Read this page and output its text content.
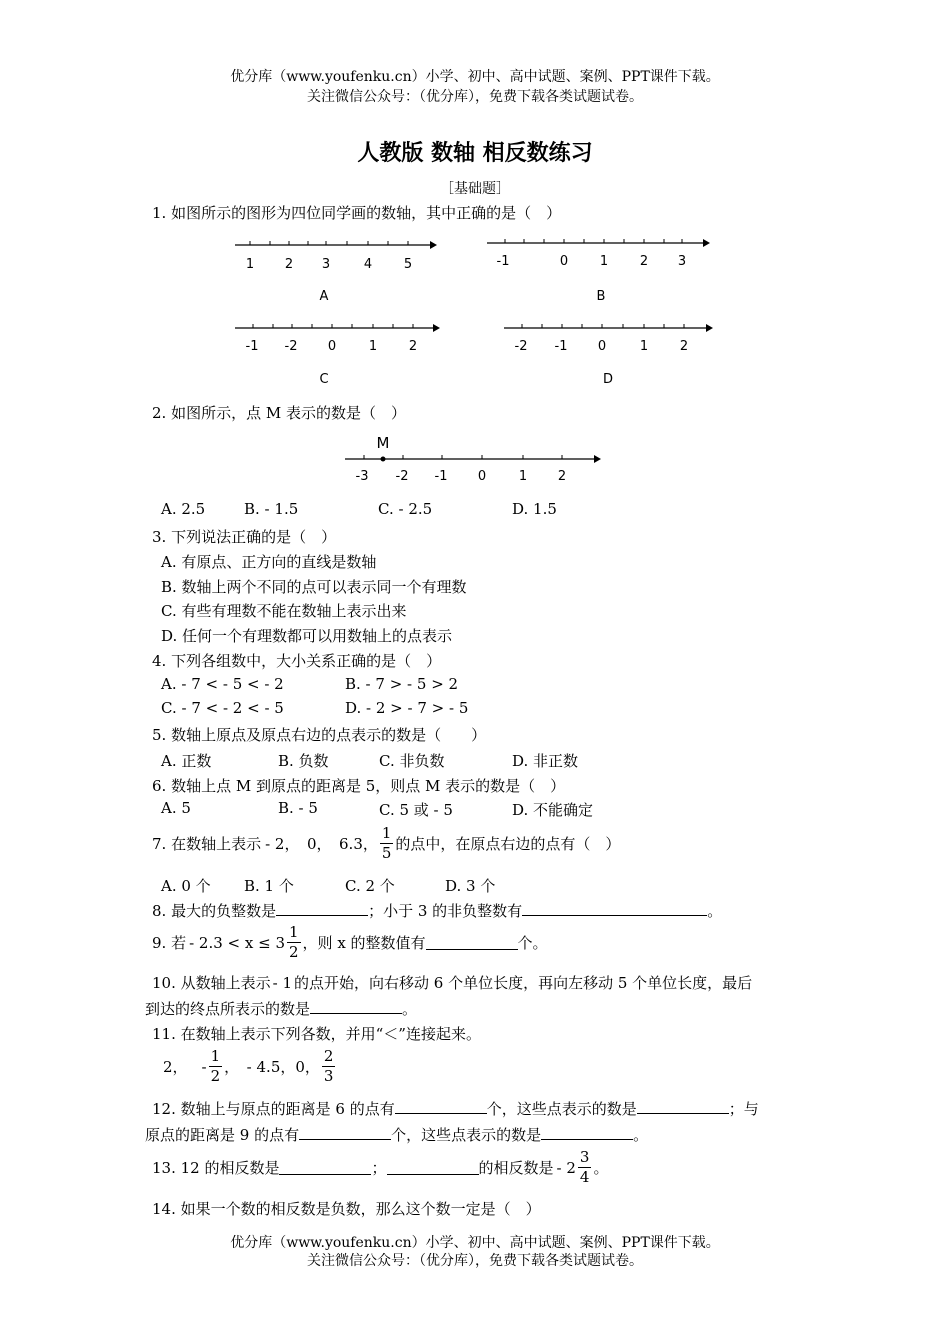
优分库（www.youfenku.cn）小学、初中、高中试题、案例、PPT课件下载。
关注微信公众号：（优分库），免费下载各类试题试卷。
人教版 数轴 相反数练习
［基础题］
1. 如图所示的图形为四位同学画的数轴，其中正确的是（　）
1 2 3	4 5
A
-1	0 1 2 3
B
-1 -2 0	1 2
C
-2 -1 0	1 2
D
2. 如图所示，点 M 表示的数是（　）
M
-3 -2 -1 0	1 2
A. 2.5	B. - 1.5	C. - 2.5	D. 1.5
3. 下列说法正确的是（　）
A. 有原点、正方向的直线是数轴
B. 数轴上两个不同的点可以表示同一个有理数
C. 有些有理数不能在数轴上表示出来
D. 任何一个有理数都可以用数轴上的点表示
4. 下列各组数中，大小关系正确的是（　）
A. - 7 < - 5 < - 2	B. - 7 > - 5 > 2
C. - 7 < - 2 < - 5	D. - 2 > - 7 > - 5
5. 数轴上原点及原点右边的点表示的数是（　　）
A. 正数	B. 负数	C. 非负数	D. 非正数
6. 数轴上点 M 到原点的距离是 5，则点 M 表示的数是（　）
A. 5	B. - 5	C. 5 或 - 5	D. 不能确定
7. 在数轴上表示 - 2，　0，　6.3， $\frac{1}{5}$ 的点中，在原点右边的点有（　）
A. 0 个 B. 1 个	C. 2 个	D. 3 个
8. 最大的负整数是	；小于 3 的非负整数有	。
9. 若 - $2.3 < x \le 3 \frac{1}{2}$ ，则 x 的整数值有	个。
10. 从数轴上表示 - 1 的点开始，向右移动 6 个单位长度，再向左移动 5 个单位长度，最后
到达的终点所表示的数是	。
11. 在数轴上表示下列各数，并用“＜”连接起来。
2， - $\frac{1}{2}$ ，　- 4.5，0， $\frac{2}{3}$
12. 数轴上与原点的距离是 6 的点有	个，这些点表示的数是	；与
原点的距离是 9 的点有	个，这些点表示的数是	。
13. 12 的相反数是	；	的相反数是 - $2 \frac{3}{4}$ 。
14. 如果一个数的相反数是负数，那么这个数一定是（　）
优分库（www.youfenku.cn）小学、初中、高中试题、案例、PPT课件下载。
关注微信公众号：（优分库），免费下载各类试题试卷。
